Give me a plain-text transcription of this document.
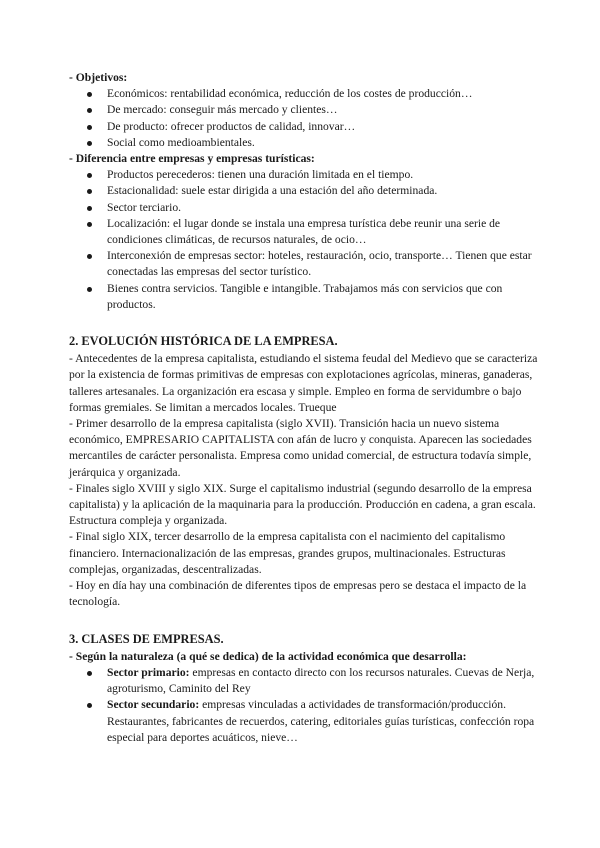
- Objetivos:

Económicos: rentabilidad económica, reducción de los costes de producción…
De mercado: conseguir más mercado y clientes…
De producto: ofrecer productos de calidad, innovar…
Social como medioambientales.

- Diferencia entre empresas y empresas turísticas:

Productos perecederos: tienen una duración limitada en el tiempo.
Estacionalidad: suele estar dirigida a una estación del año determinada.
Sector terciario.
Localización: el lugar donde se instala una empresa turística debe reunir una serie de condiciones climáticas, de recursos naturales, de ocio…
Interconexión de empresas sector: hoteles, restauración, ocio, transporte… Tienen que estar conectadas las empresas del sector turístico.
Bienes contra servicios. Tangible e intangible. Trabajamos más con servicios que con productos.

2. EVOLUCIÓN HISTÓRICA DE LA EMPRESA.

- Antecedentes de la empresa capitalista, estudiando el sistema feudal del Medievo que se caracteriza por la existencia de formas primitivas de empresas con explotaciones agrícolas, mineras, ganaderas, talleres artesanales. La organización era escasa y simple. Empleo en forma de servidumbre o bajo formas gremiales. Se limitan a mercados locales. Trueque

- Primer desarrollo de la empresa capitalista (siglo XVII). Transición hacia un nuevo sistema económico, EMPRESARIO CAPITALISTA con afán de lucro y conquista. Aparecen las sociedades mercantiles de carácter personalista. Empresa como unidad comercial, de estructura todavía simple, jerárquica y organizada.

- Finales siglo XVIII y siglo XIX. Surge el capitalismo industrial (segundo desarrollo de la empresa capitalista) y la aplicación de la maquinaria para la producción. Producción en cadena, a gran escala. Estructura compleja y organizada.

- Final siglo XIX, tercer desarrollo de la empresa capitalista con el nacimiento del capitalismo financiero. Internacionalización de las empresas, grandes grupos, multinacionales. Estructuras complejas, organizadas, descentralizadas.

- Hoy en día hay una combinación de diferentes tipos de empresas pero se destaca el impacto de la tecnología.

3. CLASES DE EMPRESAS.

- Según la naturaleza (a qué se dedica) de la actividad económica que desarrolla:

Sector primario: empresas en contacto directo con los recursos naturales. Cuevas de Nerja, agroturismo, Caminito del Rey
Sector secundario: empresas vinculadas a actividades de transformación/producción. Restaurantes, fabricantes de recuerdos, catering, editoriales guías turísticas, confección ropa especial para deportes acuáticos, nieve…
